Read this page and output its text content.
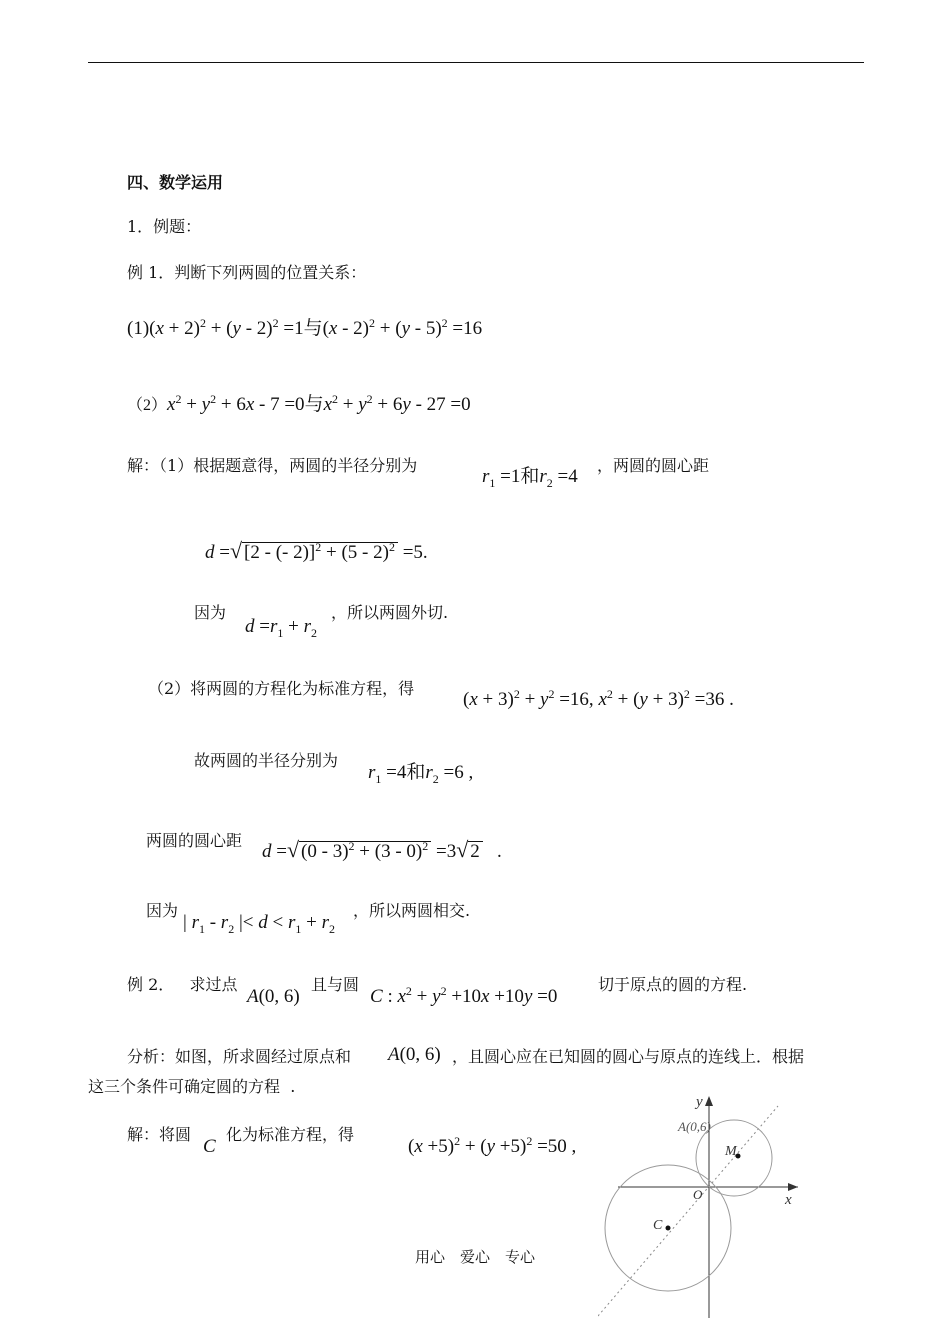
四、数学运用
1．例题：
例 1．判断下列两圆的位置关系：
$(1)(x + 2)^2 + (y - 2)^2 =1$与(x - 2)$^2$ + (y - 5)$^2$ =16
$(2)x^2 + y^2 + 6x - 7 =0$与$x^2 + y^2 + 6y - 27 =0$
解：（1）根据题意得，两圆的半径分别为
$r_1 =1$和$r_2 =4$
，两圆的圆心距
d =√ [2 - (- 2)]$^2$ + (5 - 2)$^2$ =5.
因为
$d =r_1 + r_2$
，所以两圆外切.
（2）将两圆的方程化为标准方程，得
$(x + 3)^2 + y^2 =16$, $x^2 + (y + 3)^2 =36$ .
故两圆的半径分别为
$r_1 =4$和$r_2 =6$ ,
两圆的圆心距
d =√ (0 - 3)$^2$ + (3 - 0)$^2$ =3√ 2   .
因为
| $r_1 - r_2$ |< $d < r_1 + r_2$
，所以两圆相交.
例 2． 求过点
A(0, 6)
且与圆
C : $x^2 + y^2 +10x +10y =0$
切于原点的圆的方程.
分析：如图，所求圆经过原点和 A(0, 6) ，且圆心应在已知圆的圆心与原点的连线上．根据
这三个条件可确定圆的方程  .
解：将圆
C
化为标准方程，得
$(x +5)^2 + (y +5)^2 =50$ ,
y
x
A(0,6)
M
O
C
用心　爱心　专心
